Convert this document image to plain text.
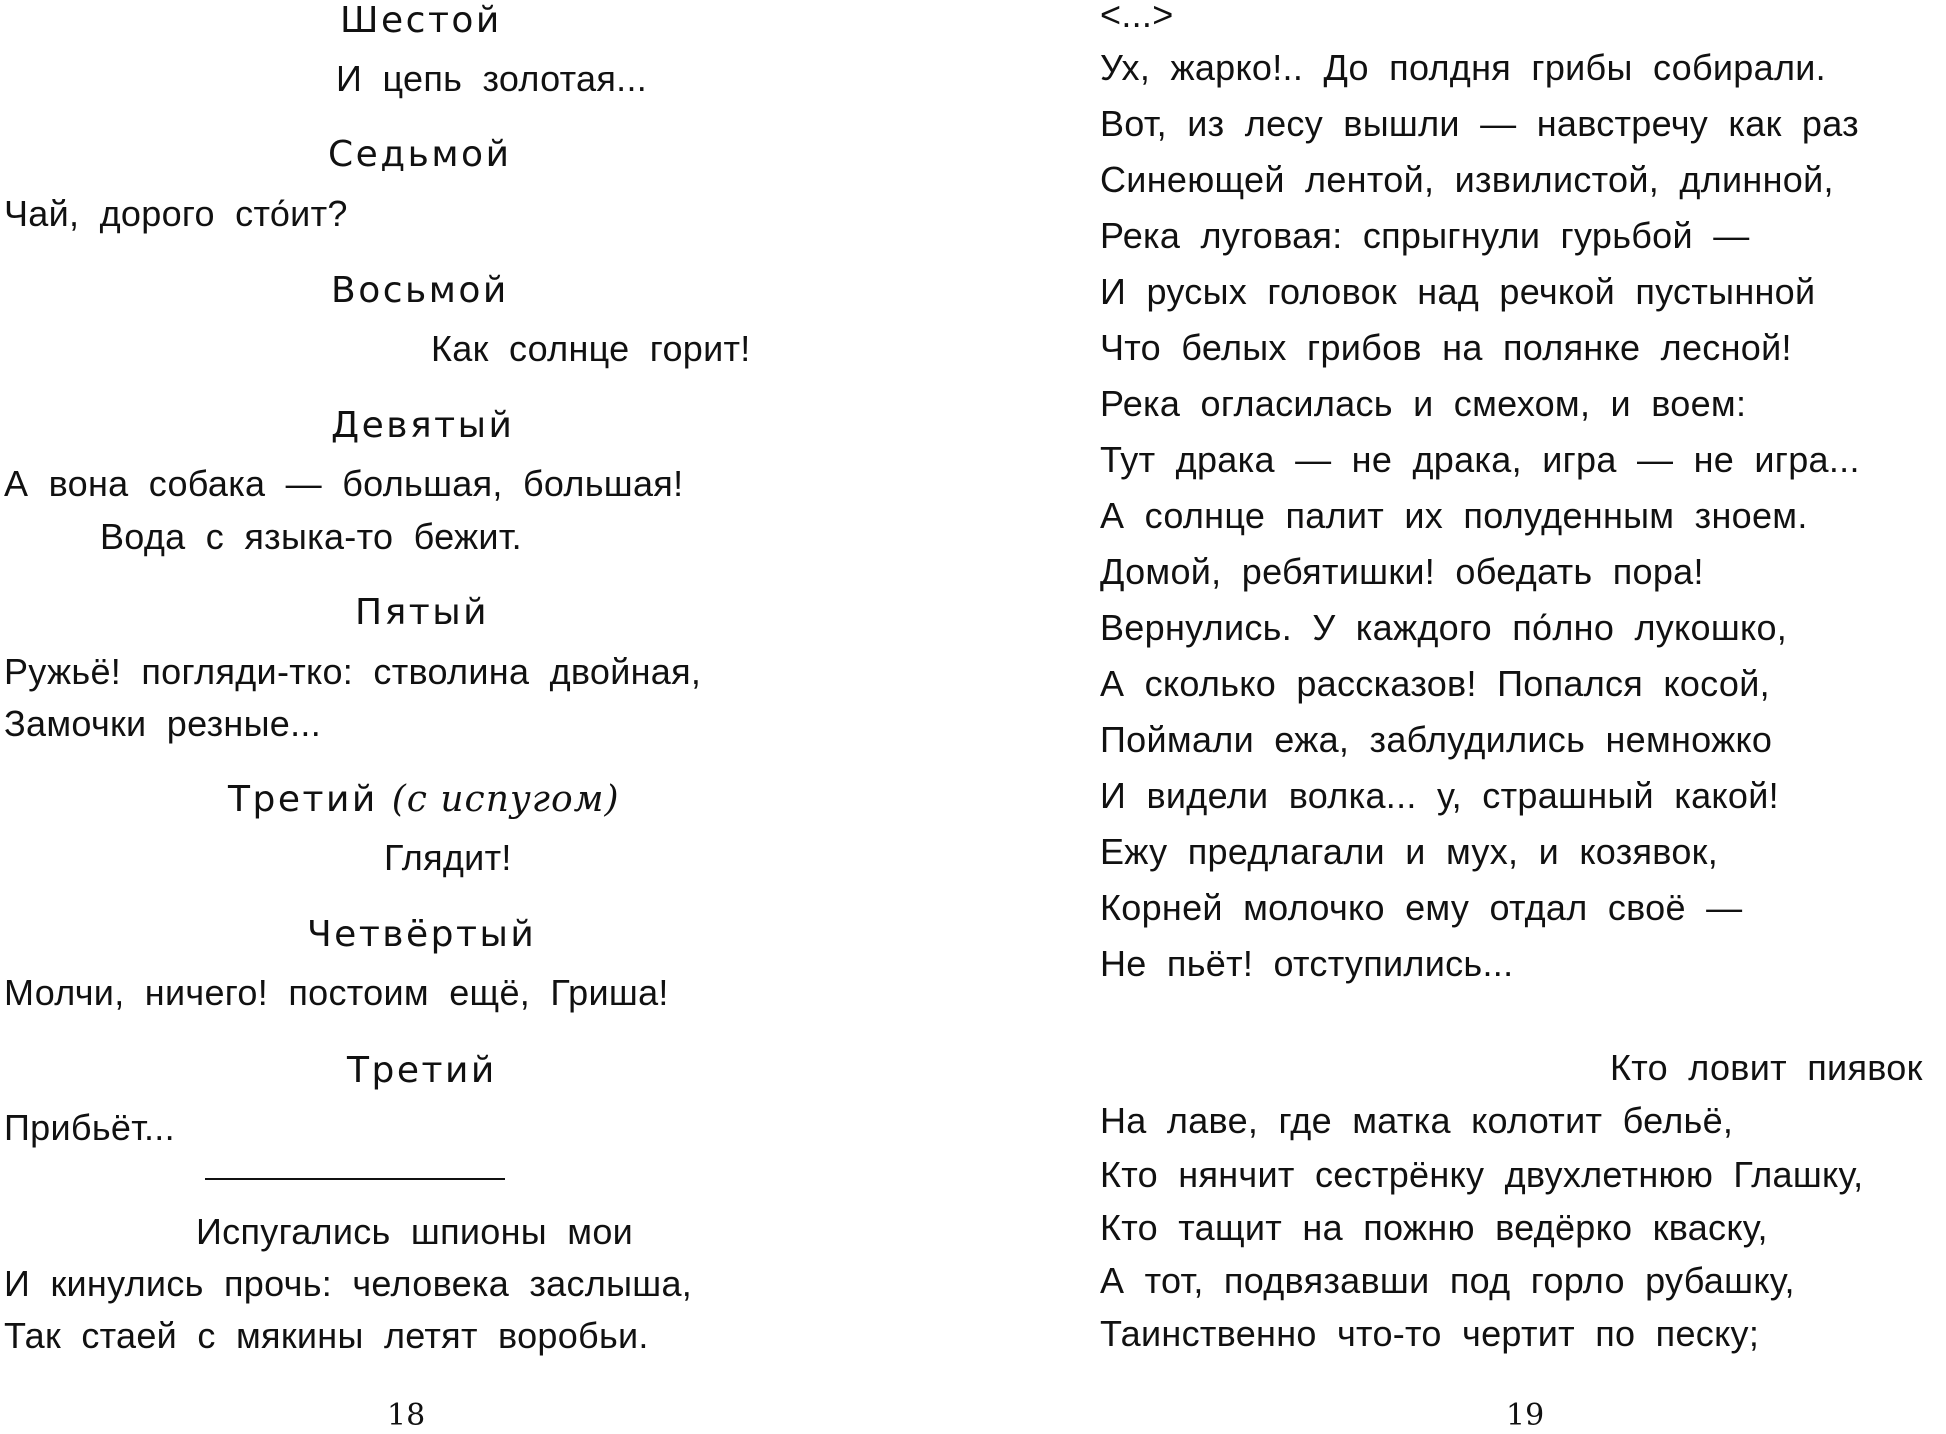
Шестой
И цепь золотая...
Седьмой
Чай, дорого сто́ит?
Восьмой
Как солнце горит!
Девятый
А вона собака — большая, большая!
Вода с языка-то бежит.
Пятый
Ружьё! погляди-тко: стволина двойная,
Замочки резные...
Третий (с испугом)
Глядит!
Четвёртый
Молчи, ничего! постоим ещё, Гриша!
Третий
Прибьёт...
Испугались шпионы мои
И кинулись прочь: человека заслыша,
Так стаей с мякины летят воробьи.
18
<...>
Ух, жарко!.. До полдня грибы собирали.
Вот, из лесу вышли — навстречу как раз
Синеющей лентой, извилистой, длинной,
Река луговая: спрыгнули гурьбой —
И русых головок над речкой пустынной
Что белых грибов на полянке лесной!
Река огласилась и смехом, и воем:
Тут драка — не драка, игра — не игра...
А солнце палит их полуденным зноем.
Домой, ребятишки! обедать пора!
Вернулись. У каждого по́лно лукошко,
А сколько рассказов! Попался косой,
Поймали ежа, заблудились немножко
И видели волка... у, страшный какой!
Ежу предлагали и мух, и козявок,
Корней молочко ему отдал своё —
Не пьёт! отступились...
Кто ловит пиявок
На лаве, где матка колотит бельё,
Кто нянчит сестрёнку двухлетнюю Глашку,
Кто тащит на пожню ведёрко кваску,
А тот, подвязавши под горло рубашку,
Таинственно что-то чертит по песку;
19
